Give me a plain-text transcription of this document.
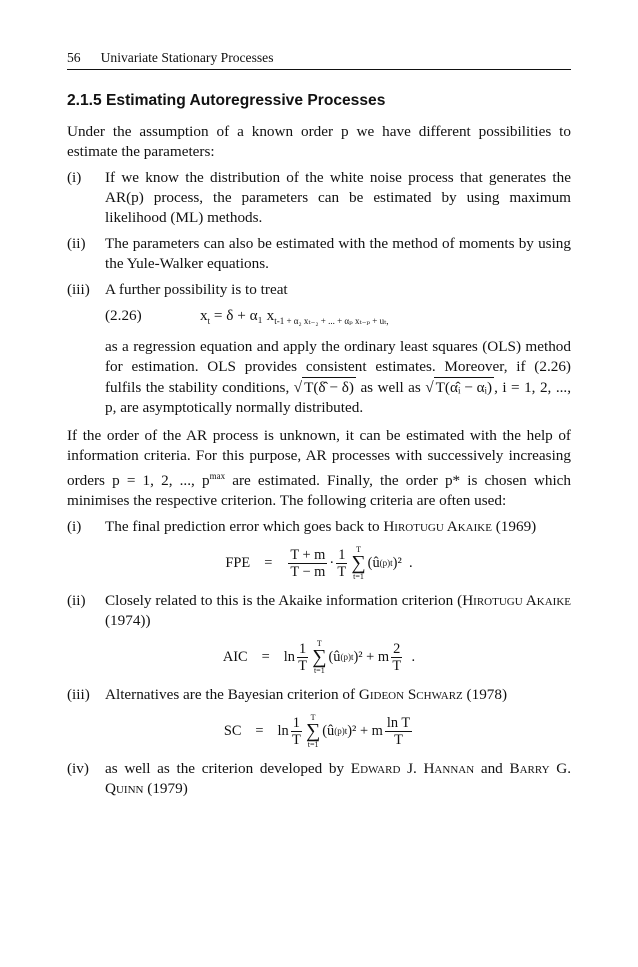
56 Univariate Stationary Processes
2.1.5 Estimating Autoregressive Processes

Under the assumption of a known order p we have different possibilities to estimate the parameters:

(i)	If we know the distribution of the white noise process that generates the AR(p) process, the parameters can be estimated by using maximum likelihood (ML) methods.
(ii)	The parameters can also be estimated with the method of moments by using the Yule-Walker equations.
(iii)	A further possibility is to treat
(2.26)	$x_t = \delta + \alpha_1$ $x_{t-1 + \alpha_2 x_{t-2} + ... + \alpha_p x_{t-p} + u_t,}$
as a regression equation and apply the ordinary least squares (OLS) method for estimation. OLS provides consistent estimates. Moreover, if (2.26) fulfils the stability conditions, √ T(δ̂ − δ) as well as √ T(α̂ᵢ − αᵢ) , i = 1, 2, ..., p, are asymptotically normally distributed.

If the order of the AR process is unknown, it can be estimated with the help of information criteria. For this purpose, AR processes with successively increasing orders p = 1, 2, ..., $p^{max}$ are estimated. Finally, the order p* is chosen which minimises the respective criterion. The following criteria are often used:

(i)	The final prediction error which goes back to Hirotugu Akaike (1969)
FPE = $\frac{T + m}{T - m} \cdot \frac{1}{T}$ T
∑
t=1
(û (p) t )²
.
(ii)	Closely related to this is the Akaike information criterion (Hirotugu Akaike (1974))
AIC = $\ln \frac{1}{T}$ T
∑
t=1
(û (p) t )² +
m $\frac{2}{T}$
.
(iii)	Alternatives are the Bayesian criterion of Gideon Schwarz (1978)
SC = $\ln \frac{1}{T}$ T
∑
t=1
(û (p) t )² + m $\frac{\text{ln T}}{T}$
(iv)	as well as the criterion developed by Edward J. Hannan and Barry G. Quinn (1979)
